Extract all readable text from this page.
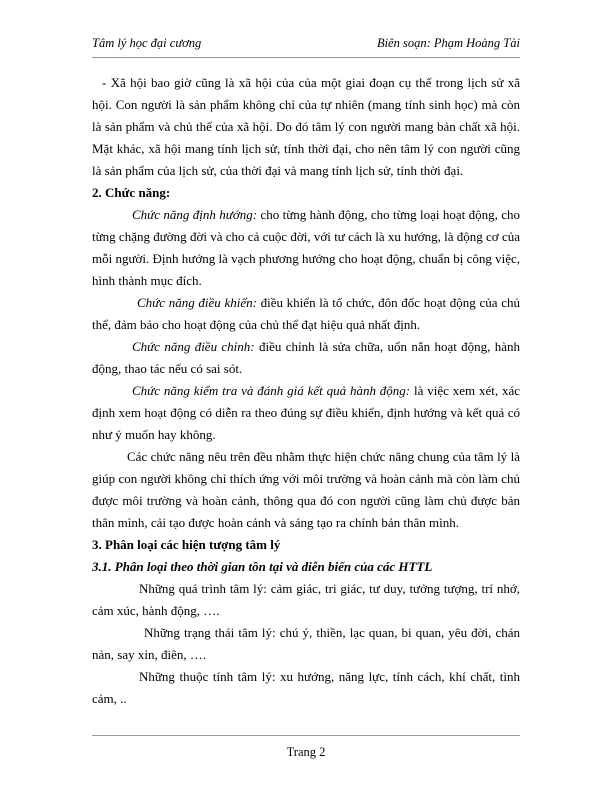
Tâm lý học đại cương	Biên soạn: Phạm Hoàng Tài

- Xã hội bao giờ cũng là xã hội của của một giai đoạn cụ thể trong lịch sử xã hội. Con người là sản phẩm không chỉ của tự nhiên (mang tính sinh học) mà còn là sản phẩm và chủ thể của xã hội. Do đó tâm lý con người mang bản chất xã hội. Mặt khác, xã hội mang tính lịch sử, tính thời đại, cho nên tâm lý con người cũng là sản phẩm của lịch sử, của thời đại và mang tính lịch sử, tính thời đại.

2. Chức năng:

Chức năng định hướng: cho từng hành động, cho từng loại hoạt động, cho từng chặng đường đời và cho cả cuộc đời, với tư cách là xu hướng, là động cơ của mỗi người. Định hướng là vạch phương hướng cho hoạt động, chuẩn bị công việc, hình thành mục đích.

Chức năng điều khiển: điều khiển là tổ chức, đôn đốc hoạt động của chủ thể, đảm bảo cho hoạt động của chủ thể đạt hiệu quả nhất định.

Chức năng điều chỉnh: điều chỉnh là sửa chữa, uốn nắn hoạt động, hành động, thao tác nếu có sai sót.

Chức năng kiểm tra và đánh giá kết quả hành động: là việc xem xét, xác định xem hoạt động có diễn ra theo đúng sự điều khiển, định hướng và kết quả có như ý muốn hay không.

Các chức năng nêu trên đều nhằm thực hiện chức năng chung của tâm lý là giúp con người không chỉ thích ứng với môi trường và hoàn cảnh mà còn làm chủ được môi trường và hoàn cảnh, thông qua đó con người cũng làm chủ được bản thân mình, cải tạo được hoàn cảnh và sáng tạo ra chính bản thân mình.

3. Phân loại các hiện tượng tâm lý

3.1. Phân loại theo thời gian tồn tại và diễn biến của các HTTL

Những quá trình tâm lý: cảm giác, tri giác, tư duy, tưởng tượng, trí nhớ, cảm xúc, hành động, ….

Những trạng thái tâm lý: chú ý, thiền, lạc quan, bi quan, yêu đời, chán nản, say xỉn, điên, ….

Những thuộc tính tâm lý: xu hướng, năng lực, tính cách, khí chất, tình cảm, ..

Trang 2
